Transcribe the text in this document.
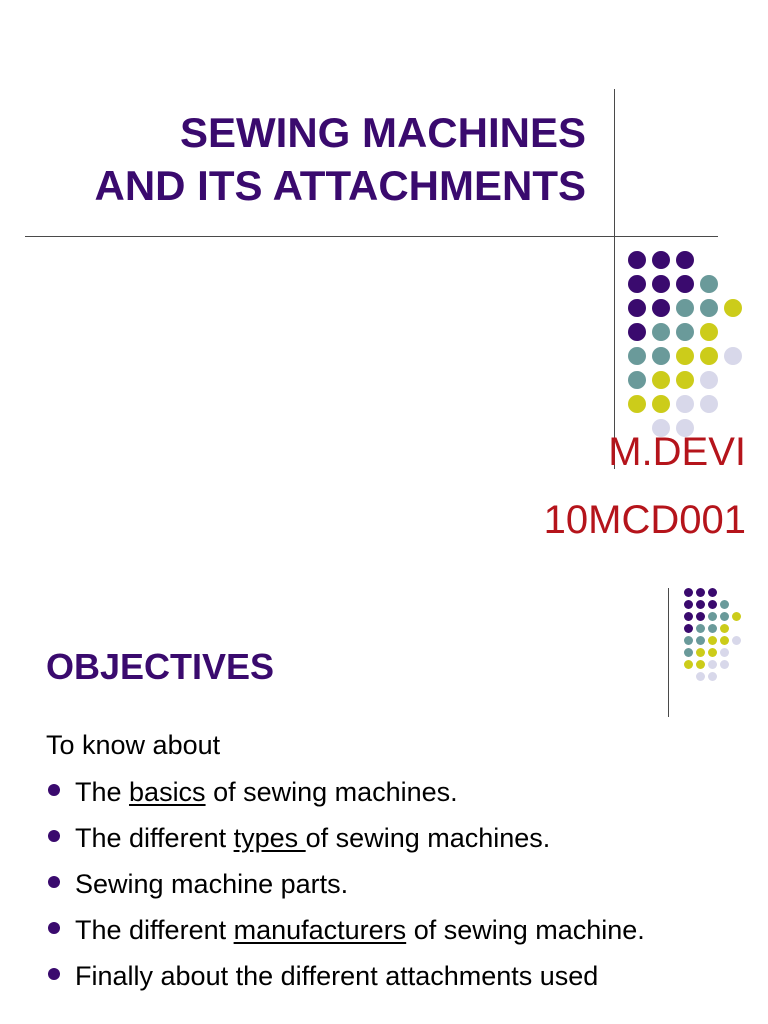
SEWING MACHINES
AND ITS ATTACHMENTS

M.DEVI

10MCD001

OBJECTIVES

To know about

The basics of sewing machines.
The different types of sewing machines.
Sewing machine parts.
The different manufacturers of sewing machine.
Finally about the different attachments used
